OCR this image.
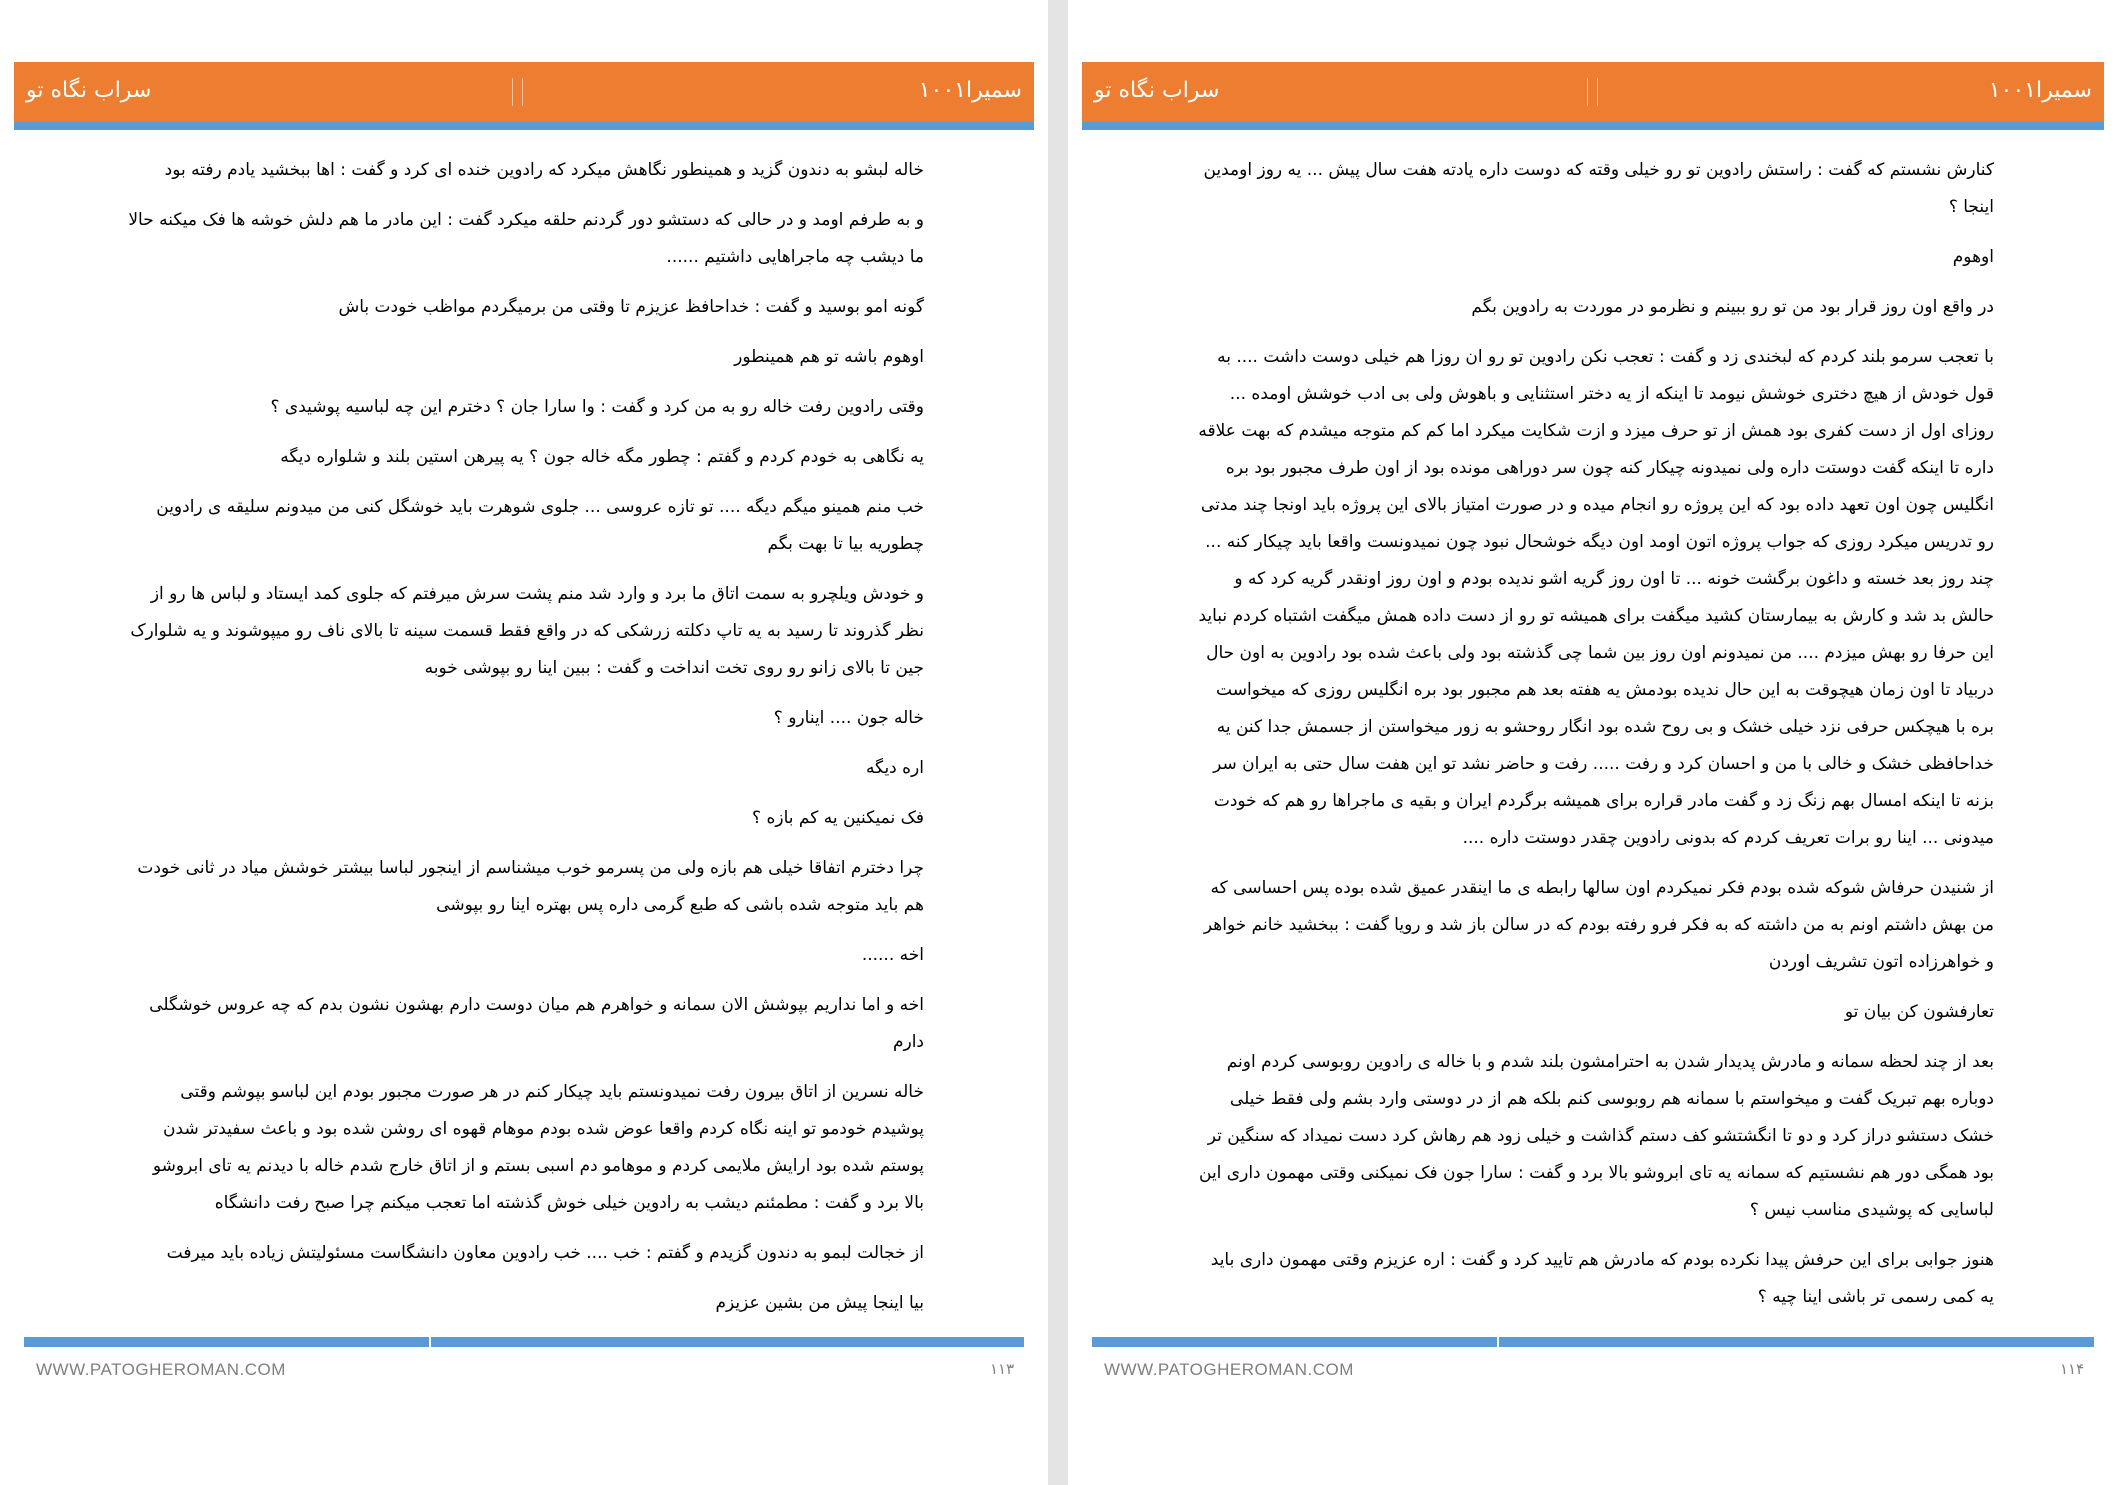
سراب نگاه تو	سمیرا۱۰۰۱

خاله لبشو به دندون گزید و همینطور نگاهش میکرد که رادوین خنده ای کرد و گفت : اها ببخشید یادم رفته بود

و به طرفم اومد و در حالی که دستشو دور گردنم حلقه میکرد گفت : این مادر ما هم دلش خوشه ها فک میکنه حالا ما دیشب چه ماجراهایی داشتیم ......

گونه امو بوسید و گفت : خداحافظ عزیزم تا وقتی من برمیگردم مواظب خودت باش

اوهوم باشه تو هم همینطور

وقتی رادوین رفت خاله رو به من کرد و گفت : وا سارا جان ؟ دخترم این چه لباسیه پوشیدی ؟

یه نگاهی به خودم کردم و گفتم : چطور مگه خاله جون ؟ یه پیرهن استین بلند و شلواره دیگه

خب منم همینو میگم دیگه .... تو تازه عروسی ... جلوی شوهرت باید خوشگل کنی من میدونم سلیقه ی رادوین چطوریه بیا تا بهت بگم

و خودش ویلچرو به سمت اتاق ما برد و وارد شد منم پشت سرش میرفتم که جلوی کمد ایستاد و لباس ها رو از نظر گذروند تا رسید به یه تاپ دکلته زرشکی که در واقع فقط قسمت سینه تا بالای ناف رو میپوشوند و یه شلوارک جین تا بالای زانو رو روی تخت انداخت و گفت : ببین اینا رو بپوشی خوبه

خاله جون .... اینارو ؟

اره دیگه

فک نمیکنین یه کم بازه ؟

چرا دخترم اتفاقا خیلی هم بازه ولی من پسرمو خوب میشناسم از اینجور لباسا بیشتر خوشش میاد در ثانی خودت هم باید متوجه شده باشی که طبع گرمی داره پس بهتره اینا رو بپوشی

اخه ......

اخه و اما نداریم بپوشش الان سمانه و خواهرم هم میان دوست دارم بهشون نشون بدم که چه عروس خوشگلی دارم

خاله نسرین از اتاق بیرون رفت نمیدونستم باید چیکار کنم در هر صورت مجبور بودم این لباسو بپوشم وقتی پوشیدم خودمو تو اینه نگاه کردم واقعا عوض شده بودم موهام قهوه ای روشن شده بود و باعث سفیدتر شدن پوستم شده بود ارایش ملایمی کردم و موهامو دم اسبی بستم و از اتاق خارج شدم خاله با دیدنم یه تای ابروشو بالا برد و گفت : مطمئنم دیشب به رادوین خیلی خوش گذشته اما تعجب میکنم چرا صبح رفت دانشگاه

از خجالت لبمو به دندون گزیدم و گفتم : خب .... خب رادوین معاون دانشگاست مسئولیتش زیاده باید میرفت

بیا اینجا پیش من بشین عزیزم

WWW.PATOGHEROMAN.COM	۱۱۳
سراب نگاه تو	سمیرا۱۰۰۱

کنارش نشستم که گفت : راستش رادوین تو رو خیلی وقته که دوست داره یادته هفت سال پیش ... یه روز اومدین اینجا ؟

اوهوم

در واقع اون روز قرار بود من تو رو ببینم و نظرمو در موردت به رادوین بگم

با تعجب سرمو بلند کردم که لبخندی زد و گفت : تعجب نکن رادوین تو رو ان روزا هم خیلی دوست داشت .... به قول خودش از هیچ دختری خوشش نیومد تا اینکه از یه دختر استثنایی و باهوش ولی بی ادب خوشش اومده ... روزای اول از دست کفری بود همش از تو حرف میزد و ازت شکایت میکرد اما کم کم متوجه میشدم که بهت علاقه داره تا اینکه گفت دوستت داره ولی نمیدونه چیکار کنه چون سر دوراهی مونده بود از اون طرف مجبور بود بره انگلیس چون اون تعهد داده بود که این پروژه رو انجام میده و در صورت امتیاز بالای این پروژه باید اونجا چند مدتی رو تدریس میکرد روزی که جواب پروژه اتون اومد اون دیگه خوشحال نبود چون نمیدونست واقعا باید چیکار کنه ... چند روز بعد خسته و داغون برگشت خونه ... تا اون روز گریه اشو ندیده بودم و اون روز اونقدر گریه کرد که و حالش بد شد و کارش به بیمارستان کشید میگفت برای همیشه تو رو از دست داده همش میگفت اشتباه کردم نباید این حرفا رو بهش میزدم .... من نمیدونم اون روز بین شما چی گذشته بود ولی باعث شده بود رادوین به اون حال دربیاد تا اون زمان هیچوقت به این حال ندیده بودمش یه هفته بعد هم مجبور بود بره انگلیس روزی که میخواست بره با هیچکس حرفی نزد خیلی خشک و بی روح شده بود انگار روحشو به زور میخواستن از جسمش جدا کنن یه خداحافظی خشک و خالی با من و احسان کرد و رفت ..... رفت و حاضر نشد تو این هفت سال حتی به ایران سر بزنه تا اینکه امسال بهم زنگ زد و گفت مادر قراره برای همیشه برگردم ایران و بقیه ی ماجراها رو هم که خودت میدونی ... اینا رو برات تعریف کردم که بدونی رادوین چقدر دوستت داره ....

از شنیدن حرفاش شوکه شده بودم فکر نمیکردم اون سالها رابطه ی ما اینقدر عمیق شده بوده پس احساسی که من بهش داشتم اونم به من داشته که به فکر فرو رفته بودم که در سالن باز شد و رویا گفت : ببخشید خانم خواهر و خواهرزاده اتون تشریف اوردن

تعارفشون کن بیان تو

بعد از چند لحظه سمانه و مادرش پدیدار شدن به احترامشون بلند شدم و با خاله ی رادوین روبوسی کردم اونم دوباره بهم تبریک گفت و میخواستم با سمانه هم روبوسی کنم بلکه هم از در دوستی وارد بشم ولی فقط خیلی خشک دستشو دراز کرد و دو تا انگشتشو کف دستم گذاشت و خیلی زود هم رهاش کرد دست نمیداد که سنگین تر بود همگی دور هم نشستیم که سمانه یه تای ابروشو بالا برد و گفت : سارا جون فک نمیکنی وقتی مهمون داری این لباسایی که پوشیدی مناسب نیس ؟

هنوز جوابی برای این حرفش پیدا نکرده بودم که مادرش هم تایید کرد و گفت : اره عزیزم وقتی مهمون داری باید یه کمی رسمی تر باشی اینا چیه ؟

WWW.PATOGHEROMAN.COM	۱۱۴
